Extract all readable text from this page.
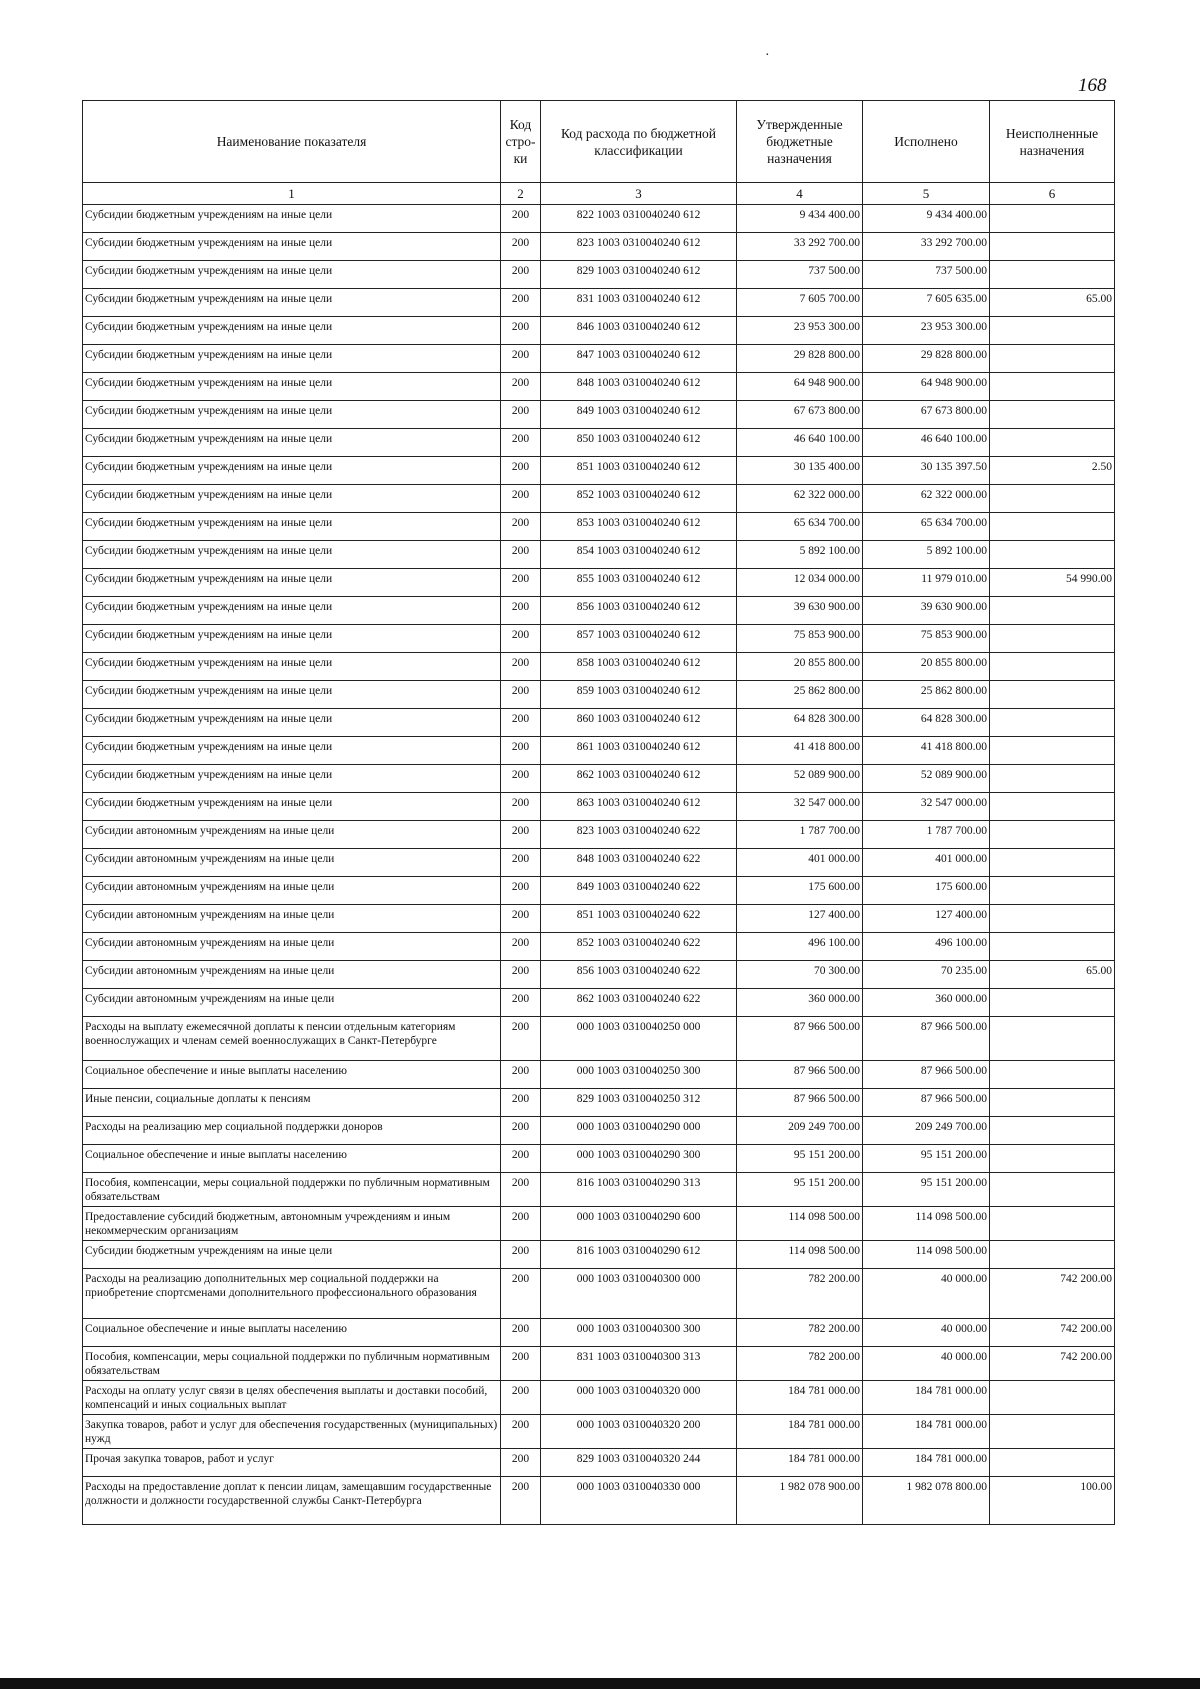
·
168
Наименование показателя	Код стро-ки	Код расхода по бюджетной классификации	Утвержденные бюджетные назначения	Исполнено	Неисполненные назначения
1	2	3	4	5	6
Субсидии бюджетным учреждениям на иные цели	200	822 1003 0310040240 612	9 434 400.00	9 434 400.00	
Субсидии бюджетным учреждениям на иные цели	200	823 1003 0310040240 612	33 292 700.00	33 292 700.00	
Субсидии бюджетным учреждениям на иные цели	200	829 1003 0310040240 612	737 500.00	737 500.00	
Субсидии бюджетным учреждениям на иные цели	200	831 1003 0310040240 612	7 605 700.00	7 605 635.00	65.00
Субсидии бюджетным учреждениям на иные цели	200	846 1003 0310040240 612	23 953 300.00	23 953 300.00	
Субсидии бюджетным учреждениям на иные цели	200	847 1003 0310040240 612	29 828 800.00	29 828 800.00	
Субсидии бюджетным учреждениям на иные цели	200	848 1003 0310040240 612	64 948 900.00	64 948 900.00	
Субсидии бюджетным учреждениям на иные цели	200	849 1003 0310040240 612	67 673 800.00	67 673 800.00	
Субсидии бюджетным учреждениям на иные цели	200	850 1003 0310040240 612	46 640 100.00	46 640 100.00	
Субсидии бюджетным учреждениям на иные цели	200	851 1003 0310040240 612	30 135 400.00	30 135 397.50	2.50
Субсидии бюджетным учреждениям на иные цели	200	852 1003 0310040240 612	62 322 000.00	62 322 000.00	
Субсидии бюджетным учреждениям на иные цели	200	853 1003 0310040240 612	65 634 700.00	65 634 700.00	
Субсидии бюджетным учреждениям на иные цели	200	854 1003 0310040240 612	5 892 100.00	5 892 100.00	
Субсидии бюджетным учреждениям на иные цели	200	855 1003 0310040240 612	12 034 000.00	11 979 010.00	54 990.00
Субсидии бюджетным учреждениям на иные цели	200	856 1003 0310040240 612	39 630 900.00	39 630 900.00	
Субсидии бюджетным учреждениям на иные цели	200	857 1003 0310040240 612	75 853 900.00	75 853 900.00	
Субсидии бюджетным учреждениям на иные цели	200	858 1003 0310040240 612	20 855 800.00	20 855 800.00	
Субсидии бюджетным учреждениям на иные цели	200	859 1003 0310040240 612	25 862 800.00	25 862 800.00	
Субсидии бюджетным учреждениям на иные цели	200	860 1003 0310040240 612	64 828 300.00	64 828 300.00	
Субсидии бюджетным учреждениям на иные цели	200	861 1003 0310040240 612	41 418 800.00	41 418 800.00	
Субсидии бюджетным учреждениям на иные цели	200	862 1003 0310040240 612	52 089 900.00	52 089 900.00	
Субсидии бюджетным учреждениям на иные цели	200	863 1003 0310040240 612	32 547 000.00	32 547 000.00	
Субсидии автономным учреждениям на иные цели	200	823 1003 0310040240 622	1 787 700.00	1 787 700.00	
Субсидии автономным учреждениям на иные цели	200	848 1003 0310040240 622	401 000.00	401 000.00	
Субсидии автономным учреждениям на иные цели	200	849 1003 0310040240 622	175 600.00	175 600.00	
Субсидии автономным учреждениям на иные цели	200	851 1003 0310040240 622	127 400.00	127 400.00	
Субсидии автономным учреждениям на иные цели	200	852 1003 0310040240 622	496 100.00	496 100.00	
Субсидии автономным учреждениям на иные цели	200	856 1003 0310040240 622	70 300.00	70 235.00	65.00
Субсидии автономным учреждениям на иные цели	200	862 1003 0310040240 622	360 000.00	360 000.00	
Расходы на выплату ежемесячной доплаты к пенсии отдельным категориям военнослужащих и членам семей военнослужащих в Санкт-Петербурге	200	000 1003 0310040250 000	87 966 500.00	87 966 500.00	
Социальное обеспечение и иные выплаты населению	200	000 1003 0310040250 300	87 966 500.00	87 966 500.00	
Иные пенсии, социальные доплаты к пенсиям	200	829 1003 0310040250 312	87 966 500.00	87 966 500.00	
Расходы на реализацию мер социальной поддержки доноров	200	000 1003 0310040290 000	209 249 700.00	209 249 700.00	
Социальное обеспечение и иные выплаты населению	200	000 1003 0310040290 300	95 151 200.00	95 151 200.00	
Пособия, компенсации, меры социальной поддержки по публичным нормативным обязательствам	200	816 1003 0310040290 313	95 151 200.00	95 151 200.00	
Предоставление субсидий бюджетным, автономным учреждениям и иным некоммерческим организациям	200	000 1003 0310040290 600	114 098 500.00	114 098 500.00	
Субсидии бюджетным учреждениям на иные цели	200	816 1003 0310040290 612	114 098 500.00	114 098 500.00	
Расходы на реализацию дополнительных мер социальной поддержки на приобретение спортсменами дополнительного профессионального образования	200	000 1003 0310040300 000	782 200.00	40 000.00	742 200.00
Социальное обеспечение и иные выплаты населению	200	000 1003 0310040300 300	782 200.00	40 000.00	742 200.00
Пособия, компенсации, меры социальной поддержки по публичным нормативным обязательствам	200	831 1003 0310040300 313	782 200.00	40 000.00	742 200.00
Расходы на оплату услуг связи в целях обеспечения выплаты и доставки пособий, компенсаций и иных социальных выплат	200	000 1003 0310040320 000	184 781 000.00	184 781 000.00	
Закупка товаров, работ и услуг для обеспечения государственных (муниципальных) нужд	200	000 1003 0310040320 200	184 781 000.00	184 781 000.00	
Прочая закупка товаров, работ и услуг	200	829 1003 0310040320 244	184 781 000.00	184 781 000.00	
Расходы на предоставление доплат к пенсии лицам, замещавшим государственные должности и должности государственной службы Санкт-Петербурга	200	000 1003 0310040330 000	1 982 078 900.00	1 982 078 800.00	100.00
